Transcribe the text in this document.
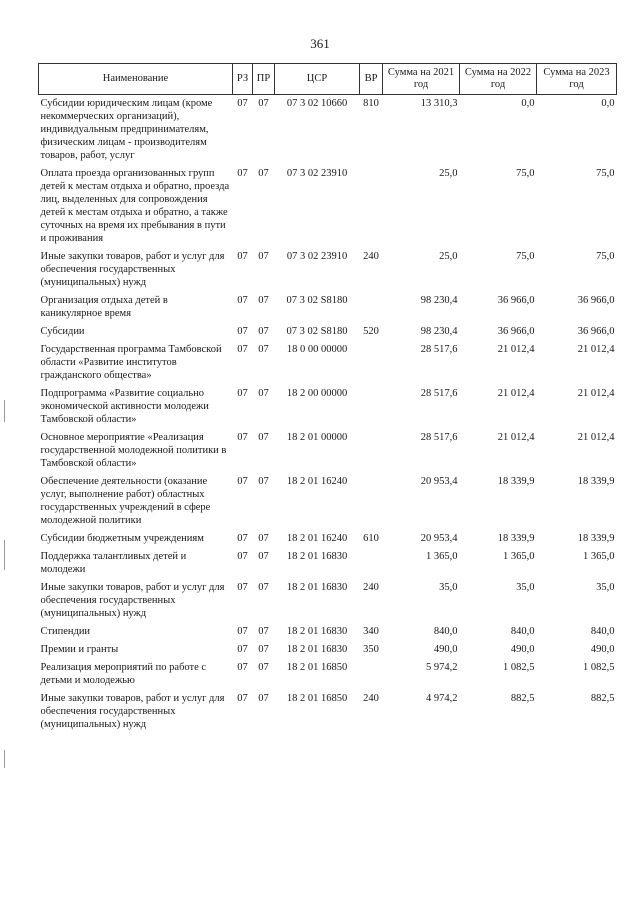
361
Наименование	РЗ	ПР	ЦСР	ВР	Сумма на 2021 год	Сумма на 2022 год	Сумма на 2023 год
Субсидии юридическим лицам (кроме некоммерческих организаций), индивидуальным предпринимателям, физическим лицам - производителям товаров, работ, услуг	07	07	07 3 02 10660	810	13 310,3	0,0	0,0
Оплата проезда организованных групп детей к местам отдыха и обратно, проезда лиц, выделенных для сопровождения детей к местам отдыха и обратно, а также суточных на время их пребывания в пути и проживания	07	07	07 3 02 23910		25,0	75,0	75,0
Иные закупки товаров, работ и услуг для обеспечения государственных (муниципальных) нужд	07	07	07 3 02 23910	240	25,0	75,0	75,0
Организация отдыха детей в каникулярное время	07	07	07 3 02 S8180		98 230,4	36 966,0	36 966,0
Субсидии	07	07	07 3 02 S8180	520	98 230,4	36 966,0	36 966,0
Государственная программа Тамбовской области «Развитие институтов гражданского общества»	07	07	18 0 00 00000		28 517,6	21 012,4	21 012,4
Подпрограмма «Развитие социально экономической активности молодежи Тамбовской области»	07	07	18 2 00 00000		28 517,6	21 012,4	21 012,4
Основное мероприятие «Реализация государственной молодежной политики в Тамбовской области»	07	07	18 2 01 00000		28 517,6	21 012,4	21 012,4
Обеспечение деятельности (оказание услуг, выполнение работ) областных государственных учреждений в сфере молодежной политики	07	07	18 2 01 16240		20 953,4	18 339,9	18 339,9
Субсидии бюджетным учреждениям	07	07	18 2 01 16240	610	20 953,4	18 339,9	18 339,9
Поддержка талантливых детей и молодежи	07	07	18 2 01 16830		1 365,0	1 365,0	1 365,0
Иные закупки товаров, работ и услуг для обеспечения государственных (муниципальных) нужд	07	07	18 2 01 16830	240	35,0	35,0	35,0
Стипендии	07	07	18 2 01 16830	340	840,0	840,0	840,0
Премии и гранты	07	07	18 2 01 16830	350	490,0	490,0	490,0
Реализация мероприятий по работе с детьми и молодежью	07	07	18 2 01 16850		5 974,2	1 082,5	1 082,5
Иные закупки товаров, работ и услуг для обеспечения государственных (муниципальных) нужд	07	07	18 2 01 16850	240	4 974,2	882,5	882,5
